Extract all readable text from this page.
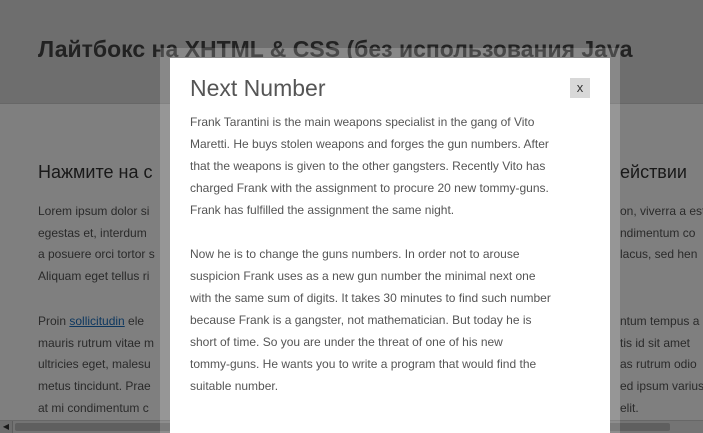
Next Number	x
Frank Tarantini is the main weapons specialist in the gang of Vito
Maretti. He buys stolen weapons and forges the gun numbers. After
that the weapons is given to the other gangsters. Recently Vito has
charged Frank with the assignment to procure 20 new tommy-guns.
Frank has fulfilled the assignment the same night.
Now he is to change the guns numbers. In order not to arouse
suspicion Frank uses as a new gun number the minimal next one
with the same sum of digits. It takes 30 minutes to find such number
because Frank is a gangster, not mathematician. But today he is
short of time. So you are under the threat of one of his new
tommy-guns. He wants you to write a program that would find the
suitable number.
